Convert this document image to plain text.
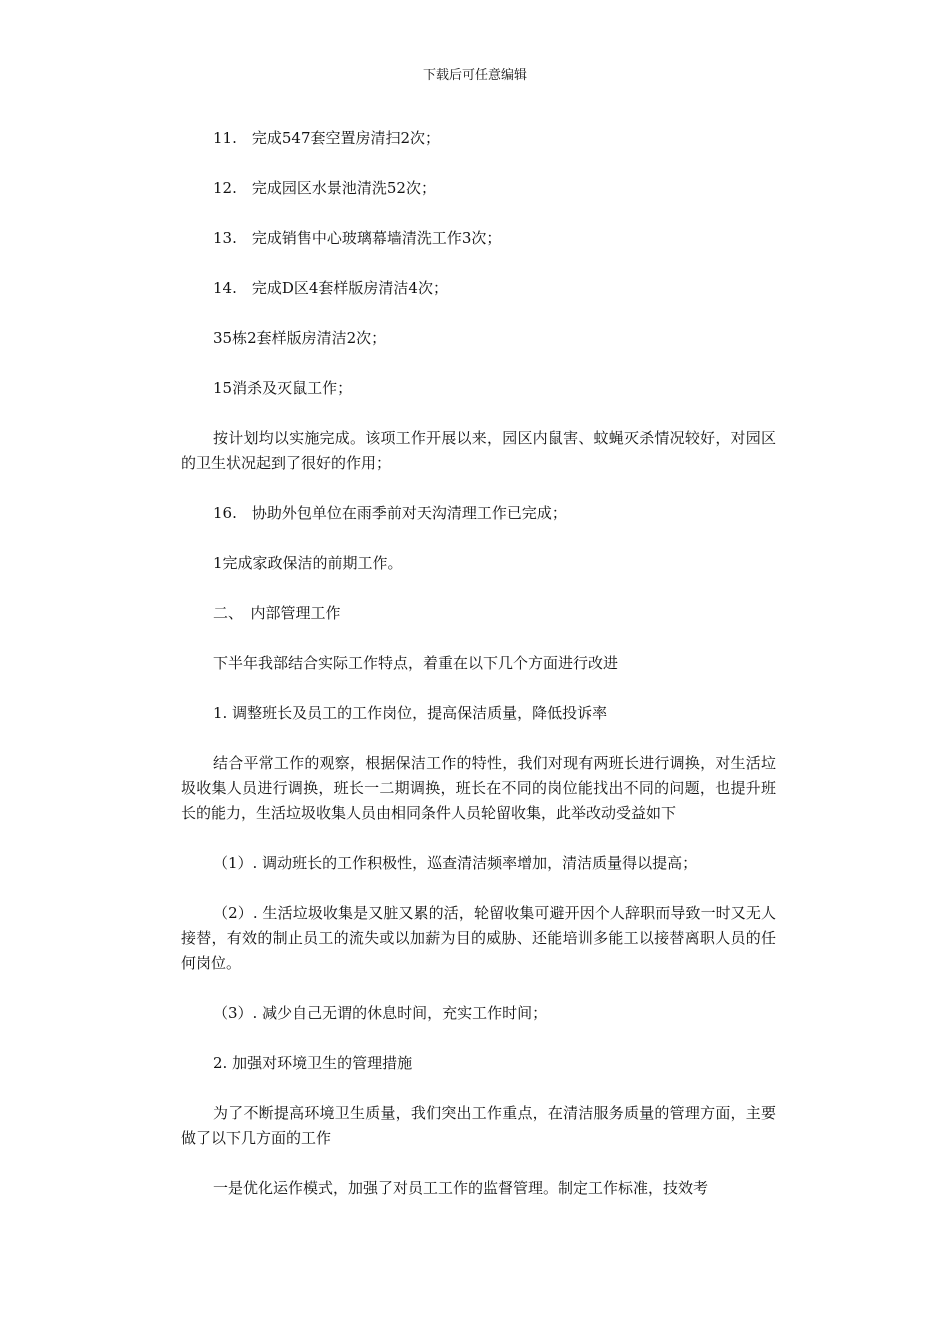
下载后可任意编辑

11.　完成547套空置房清扫2次；

12.　完成园区水景池清洗52次；

13.　完成销售中心玻璃幕墙清洗工作3次；

14.　完成D区4套样版房清洁4次；

35栋2套样版房清洁2次；

15消杀及灭鼠工作；

按计划均以实施完成。该项工作开展以来，园区内鼠害、蚊蝇灭杀情况较好，对园区的卫生状况起到了很好的作用；

16.　协助外包单位在雨季前对天沟清理工作已完成；

1完成家政保洁的前期工作。

二、　内部管理工作

下半年我部结合实际工作特点，着重在以下几个方面进行改进

1. 调整班长及员工的工作岗位，提高保洁质量，降低投诉率

结合平常工作的观察，根据保洁工作的特性，我们对现有两班长进行调换，对生活垃圾收集人员进行调换，班长一二期调换，班长在不同的岗位能找出不同的问题，也提升班长的能力，生活垃圾收集人员由相同条件人员轮留收集，此举改动受益如下

（1）. 调动班长的工作积极性，巡查清洁频率增加，清洁质量得以提高；

（2）. 生活垃圾收集是又脏又累的活，轮留收集可避开因个人辞职而导致一时又无人接替，有效的制止员工的流失或以加薪为目的威胁、还能培训多能工以接替离职人员的任何岗位。

（3）. 减少自己无谓的休息时间，充实工作时间；

2. 加强对环境卫生的管理措施

为了不断提高环境卫生质量，我们突出工作重点，在清洁服务质量的管理方面，主要做了以下几方面的工作

一是优化运作模式，加强了对员工工作的监督管理。制定工作标准，技效考
